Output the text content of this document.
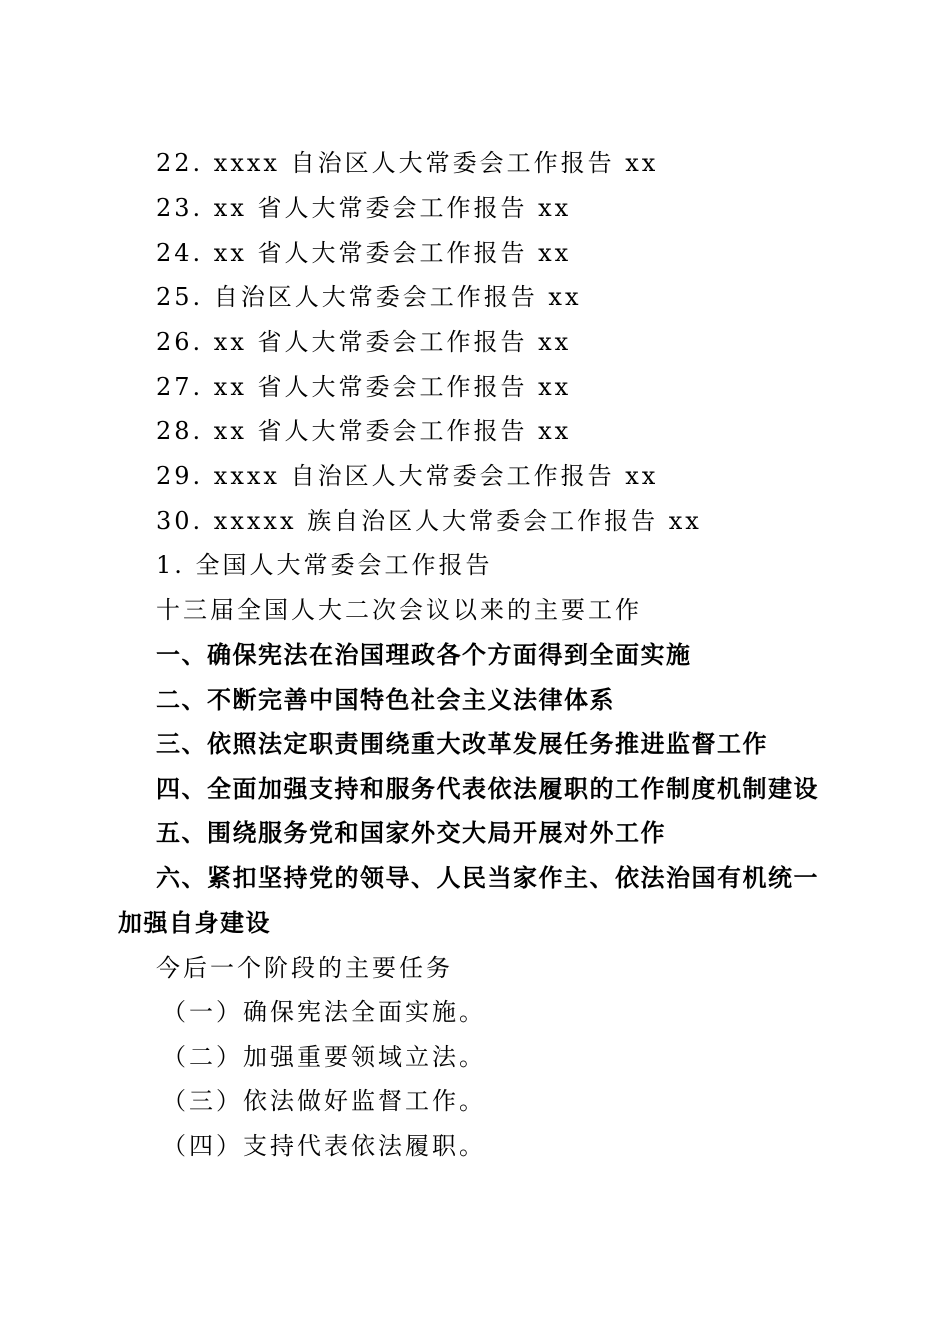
22. xxxx 自治区人大常委会工作报告 xx
23. xx 省人大常委会工作报告 xx
24. xx 省人大常委会工作报告 xx
25. 自治区人大常委会工作报告 xx
26. xx 省人大常委会工作报告 xx
27. xx 省人大常委会工作报告 xx
28. xx 省人大常委会工作报告 xx
29. xxxx 自治区人大常委会工作报告 xx
30. xxxxx 族自治区人大常委会工作报告 xx
1. 全国人大常委会工作报告
十三届全国人大二次会议以来的主要工作
一、确保宪法在治国理政各个方面得到全面实施
二、不断完善中国特色社会主义法律体系
三、依照法定职责围绕重大改革发展任务推进监督工作
四、全面加强支持和服务代表依法履职的工作制度机制建设
五、围绕服务党和国家外交大局开展对外工作
六、紧扣坚持党的领导、人民当家作主、依法治国有机统一
加强自身建设
今后一个阶段的主要任务
（一）确保宪法全面实施。
（二）加强重要领域立法。
（三）依法做好监督工作。
（四）支持代表依法履职。
